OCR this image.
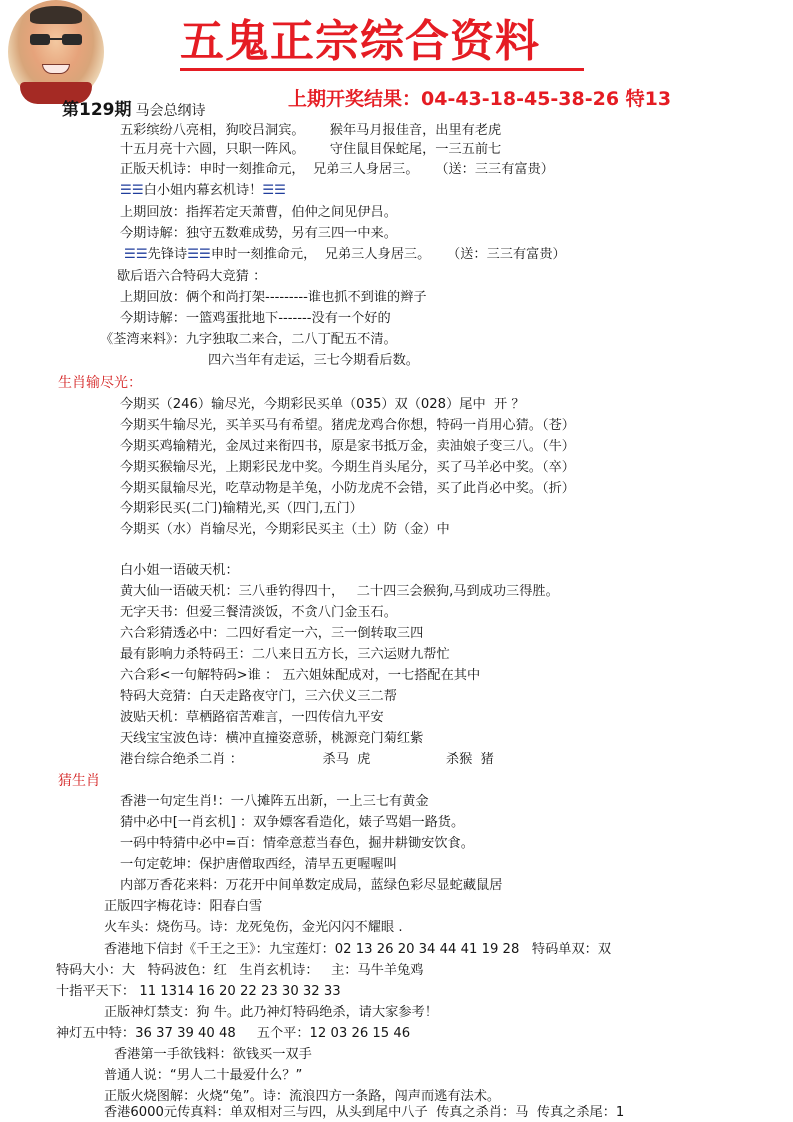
五鬼正宗综合资料
上期开奖结果：04-43-18-45-38-26 特13
第129期 马会总纲诗
五彩缤纷八亮相，狗咬吕洞宾。      猴年马月报佳音，出里有老虎
十五月亮十六圆，只职一阵风。      守住鼠目保蛇尾，一三五前七
正版天机诗：申时一刻推命元，  兄弟三人身居三。    （送：三三有富贵）
☰☰白小姐内幕玄机诗！☰☰
上期回放：指挥若定天萧曹，伯仲之间见伊吕。
今期诗解：独守五数难成势，另有三四一中来。
☰☰先锋诗☰☰申时一刻推命元，  兄弟三人身居三。    （送：三三有富贵）
歇后语六合特码大竞猜 ：
上期回放：俩个和尚打架---------谁也抓不到谁的辫子
今期诗解：一篮鸡蛋批地下-------没有一个好的
《荃湾来料》：九字独取二来合，二八丁配五不清。
四六当年有走运，三七今期看后数。
生肖输尽光：
今期买（246）输尽光，今期彩民买单（035）双（028）尾中  开 ？
今期买牛输尽光，买羊买马有希望。猪虎龙鸡合你想，特码一肖用心猜。（苍）
今期买鸡输精光，金凤过来衔四书，原是家书抵万金，卖油娘子变三八。（牛）
今期买猴输尽光，上期彩民龙中奖。今期生肖头尾分，买了马羊必中奖。（卒）
今期买鼠输尽光，吃草动物是羊兔，小防龙虎不会错，买了此肖必中奖。（折）
今期彩民买(二门)输精光,买（四门,五门）
今期买（水）肖输尽光，今期彩民买主（土）防（金）中
白小姐一语破天机：
黄大仙一语破天机：三八垂钓得四十，   二十四三会猴狗,马到成功三得胜。
无字天书：但爱三餐清淡饭，不贪八门金玉石。
六合彩猜透必中：二四好看定一六，三一倒转取三四
最有影响力杀特码王：二八来日五方长，三六运财九帮忙
六合彩<一句解特码>谁 ： 五六姐妹配成对，一七搭配在其中
特码大竞猜：白天走路夜守门，三六伏义三二帮
波贴天机：草栖路宿苦难言，一四传信九平安
天线宝宝波色诗：横冲直撞姿意骄，桃源竞门菊红紫
港台综合绝杀二肖 ：                   杀马  虎                  杀猴  猪
猜生肖
香港一句定生肖!：一八摊阵五出新，一上三七有黄金
猜中必中[一肖玄机] ：双争嫖客看造化，婊子骂娼一路货。
一码中特猜中必中=百：情牵意惹当春色，掘井耕锄安饮食。
一句定乾坤：保护唐僧取西经，清早五更喔喔叫
内部万香花来料：万花开中间单数定成局，蓝绿色彩尽显蛇藏鼠居
正版四字梅花诗：阳春白雪
火车头：烧伤马。诗：龙死兔伤，金光闪闪不耀眼 .
香港地下信封《千王之王》：九宝莲灯：02 13 26 20 34 44 41 19 28   特码单双：双
特码大小：大   特码波色：红   生肖玄机诗：   主：马牛羊兔鸡
十指平天下： 11 1314 16 20 22 23 30 32 33
正版神灯禁支：狗 牛。此乃神灯特码绝杀，请大家参考！
神灯五中特：36 37 39 40 48     五个平：12 03 26 15 46
香港第一手欲钱料：欲钱买一双手
普通人说：“男人二十最爱什么？”
正版火烧图解：火烧“兔”。诗：流浪四方一条路，闯声而逃有法术。
香港6000元传真料：单双相对三与四，从头到尾中八子  传真之杀肖：马  传真之杀尾：1
